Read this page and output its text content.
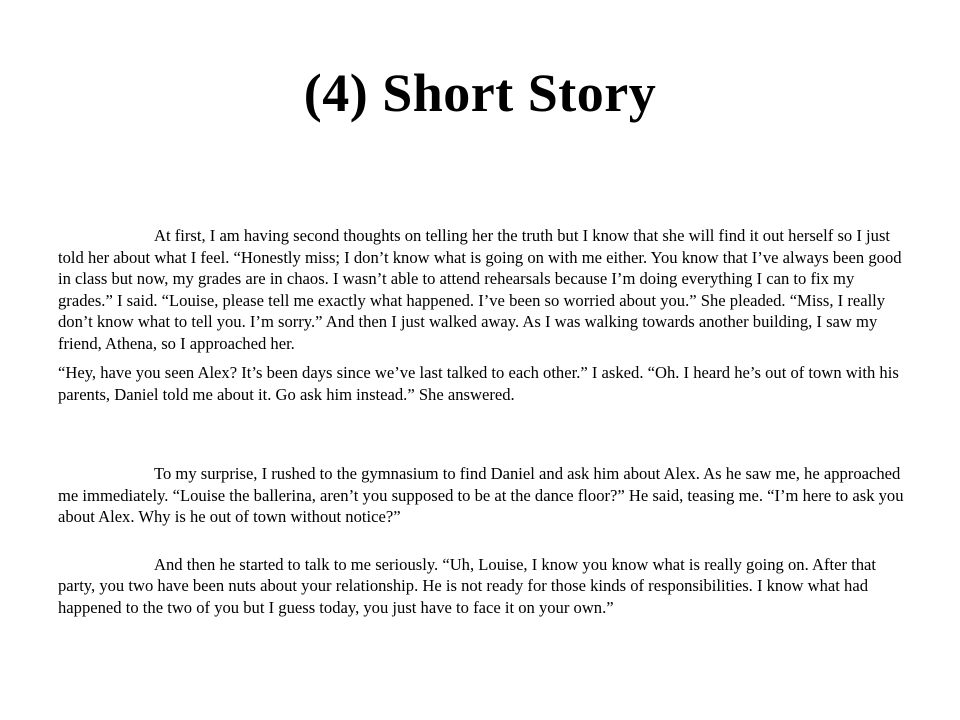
(4) Short Story

At first, I am having second thoughts on telling her the truth but I know that she will find it out herself so I just told her about what I feel. “Honestly miss; I don’t know what is going on with me either. You know that I’ve always been good in class but now, my grades are in chaos. I wasn’t able to attend rehearsals because I’m doing everything I can to fix my grades.” I said. “Louise, please tell me exactly what happened. I’ve been so worried about you.” She pleaded. “Miss, I really don’t know what to tell you. I’m sorry.” And then I just walked away. As I was walking towards another building, I saw my friend, Athena, so I approached her.

“Hey, have you seen Alex? It’s been days since we’ve last talked to each other.” I asked. “Oh. I heard he’s out of town with his parents, Daniel told me about it. Go ask him instead.” She answered.

To my surprise, I rushed to the gymnasium to find Daniel and ask him about Alex. As he saw me, he approached me immediately. “Louise the ballerina, aren’t you supposed to be at the dance floor?” He said, teasing me. “I’m here to ask you about Alex. Why is he out of town without notice?”

And then he started to talk to me seriously. “Uh, Louise, I know you know what is really going on. After that party, you two have been nuts about your relationship. He is not ready for those kinds of responsibilities. I know what had happened to the two of you but I guess today, you just have to face it on your own.”
